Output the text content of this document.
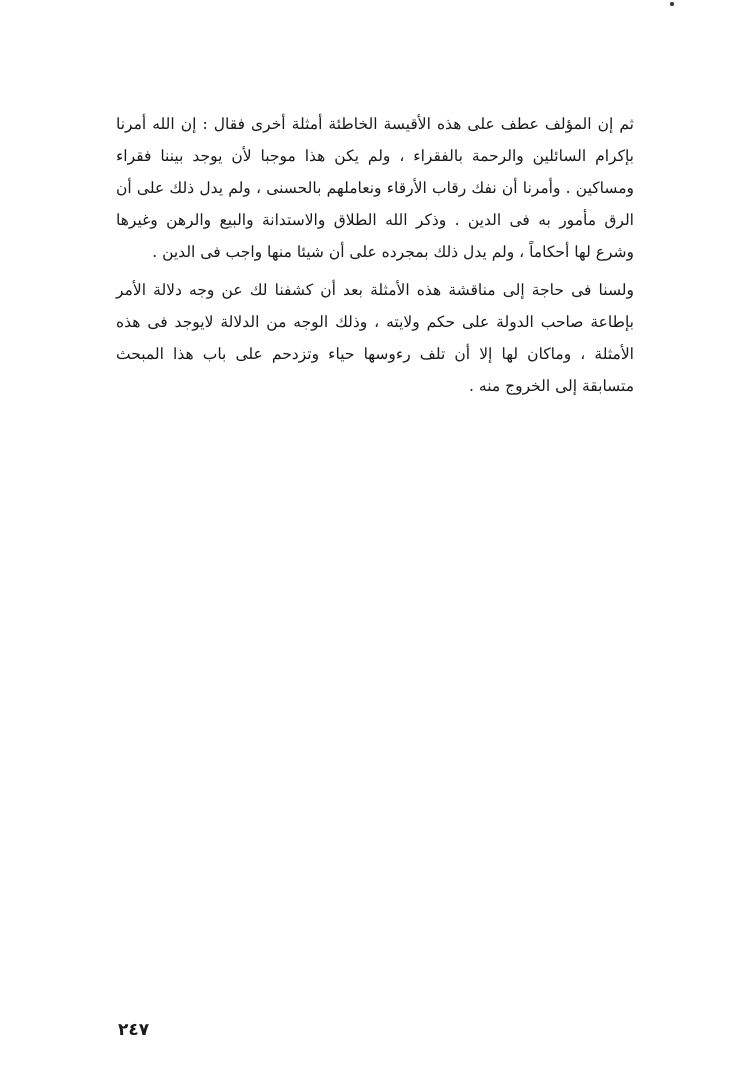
ثم إن المؤلف عطف على هذه الأقيسة الخاطئة أمثلة أخرى فقال : إن الله أمرنا بإكرام السائلين والرحمة بالفقراء ، ولم يكن هذا موجبا لأن يوجد بيننا فقراء ومساكين . وأمرنا أن نفك رقاب الأرقاء ونعاملهم بالحسنى ، ولم يدل ذلك على أن الرق مأمور به فى الدين . وذكر الله الطلاق والاستدانة والبيع والرهن وغيرها وشرع لها أحكاماً ، ولم يدل ذلك بمجرده على أن شيئا منها واجب فى الدين .

ولسنا فى حاجة إلى مناقشة هذه الأمثلة بعد أن كشفنا لك عن وجه دلالة الأمر بإطاعة صاحب الدولة على حكم ولايته ، وذلك الوجه من الدلالة لايوجد فى هذه الأمثلة ، وماكان لها إلا أن تلف رءوسها حياء وتزدحم على باب هذا المبحث متسابقة إلى الخروج منه .

٢٤٧
